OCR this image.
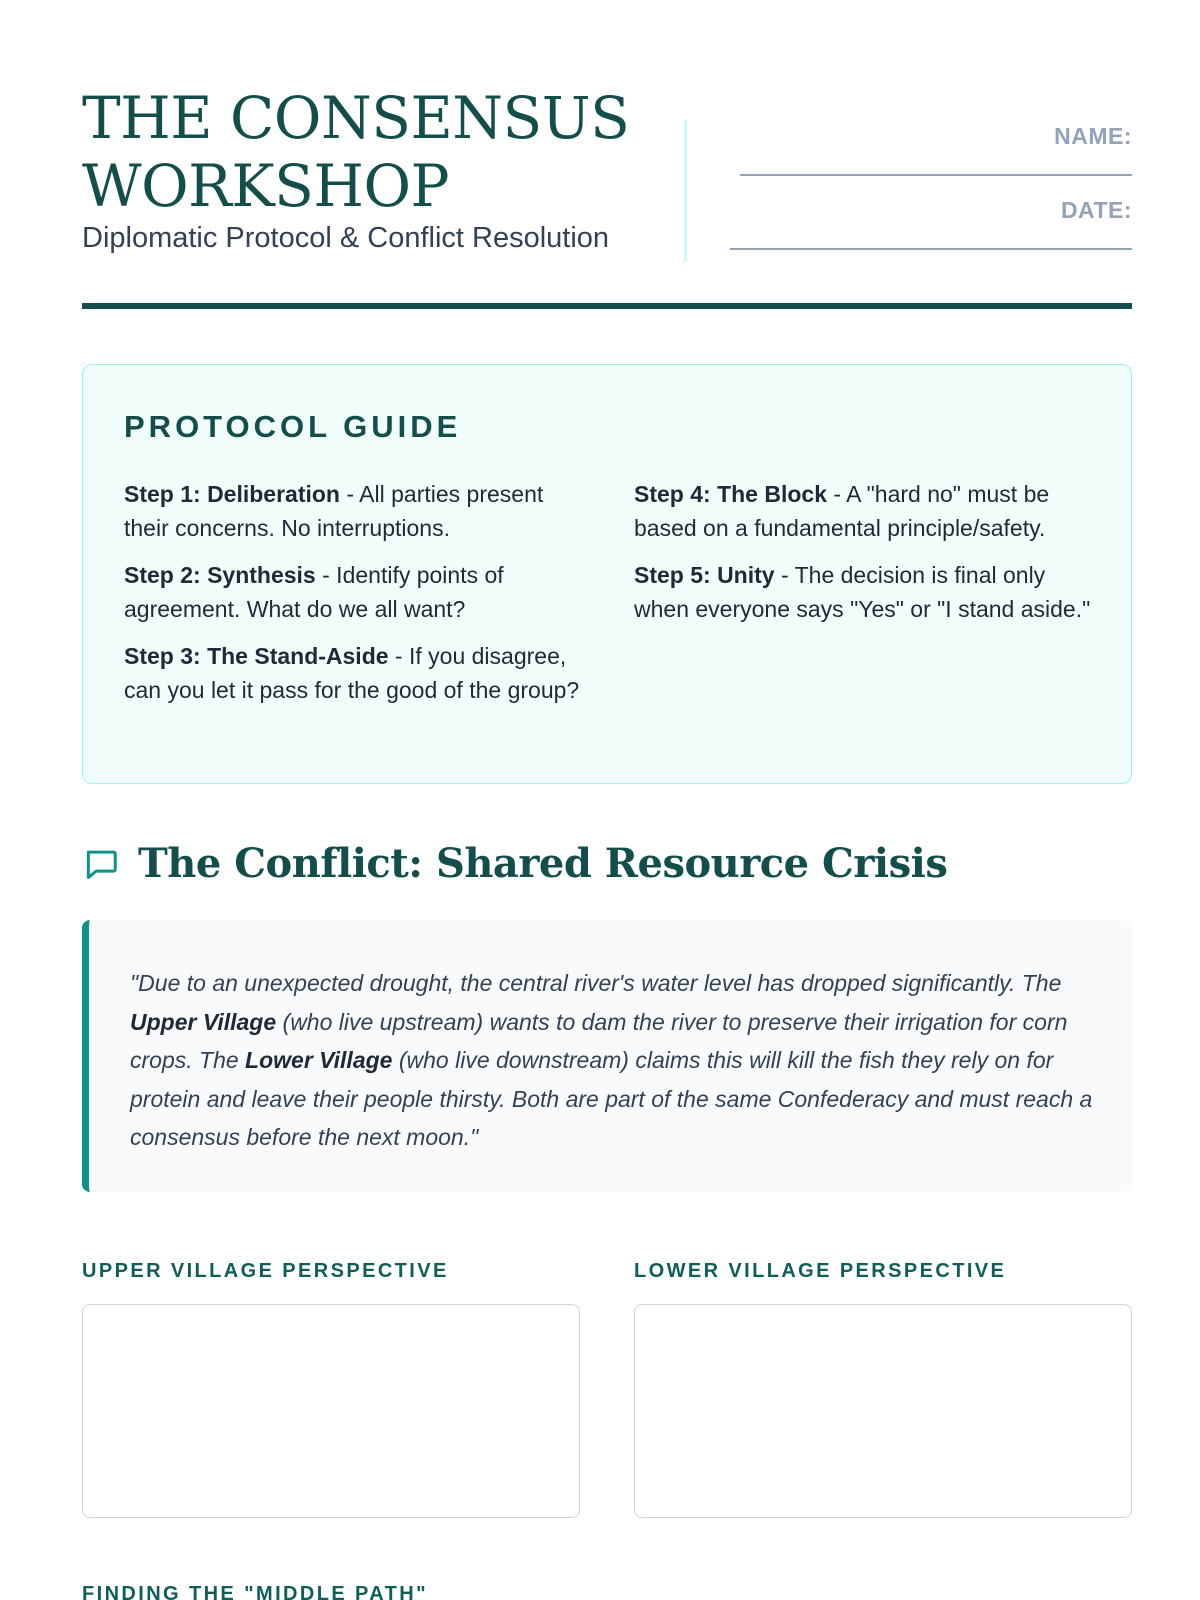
THE CONSENSUS
WORKSHOP
Diplomatic Protocol & Conflict Resolution
NAME:
DATE:
PROTOCOL GUIDE

Step 1: Deliberation - All parties present their concerns. No interruptions.

Step 2: Synthesis - Identify points of agreement. What do we all want?

Step 3: The Stand-Aside - If you disagree, can you let it pass for the good of the group?

Step 4: The Block - A "hard no" must be based on a fundamental principle/safety.

Step 5: Unity - The decision is final only when everyone says "Yes" or "I stand aside."

The Conflict: Shared Resource Crisis

"Due to an unexpected drought, the central river's water level has dropped significantly. The Upper Village (who live upstream) wants to dam the river to preserve their irrigation for corn crops. The Lower Village (who live downstream) claims this will kill the fish they rely on for protein and leave their people thirsty. Both are part of the same Confederacy and must reach a consensus before the next moon."

UPPER VILLAGE PERSPECTIVE	LOWER VILLAGE PERSPECTIVE
FINDING THE "MIDDLE PATH"
